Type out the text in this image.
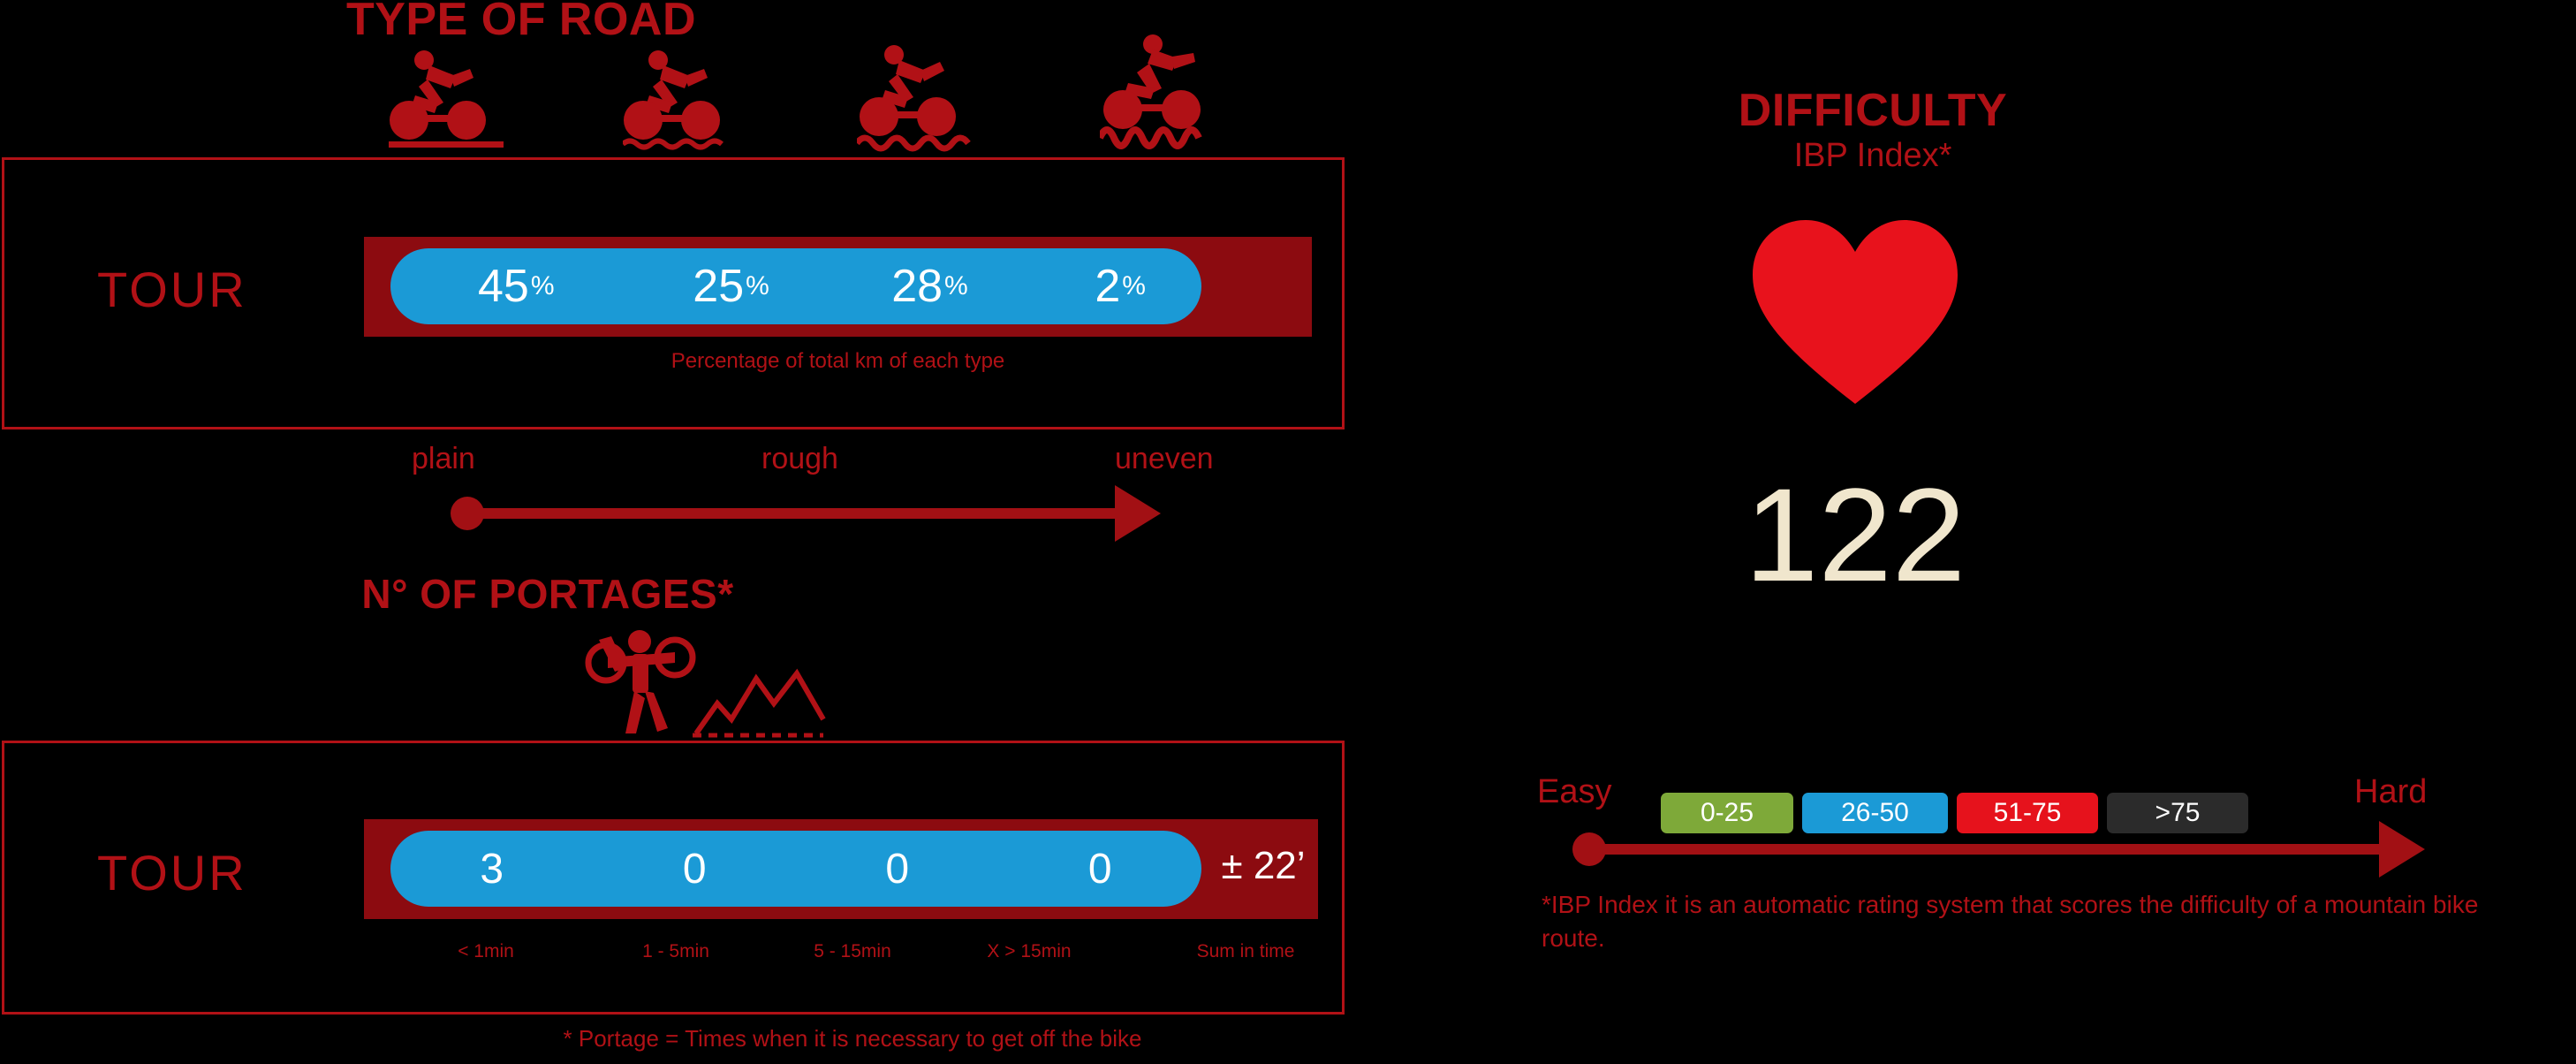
TYPE OF ROAD
TOUR	45 %	25 %	28 %	2 %
Percentage of total km of each type
plain	rough	uneven
N° OF PORTAGES*
TOUR	3	0	0	0	± 22’
< 1min	1 - 5min	5 - 15min	X > 15min	Sum in time
* Portage = Times when it is necessary to get off the bike
DIFFICULTY
IBP Index*
122
Easy	Hard
0-25	26-50	51-75	>75
*IBP Index it is an automatic rating system that scores the difficulty of a mountain bike route.
